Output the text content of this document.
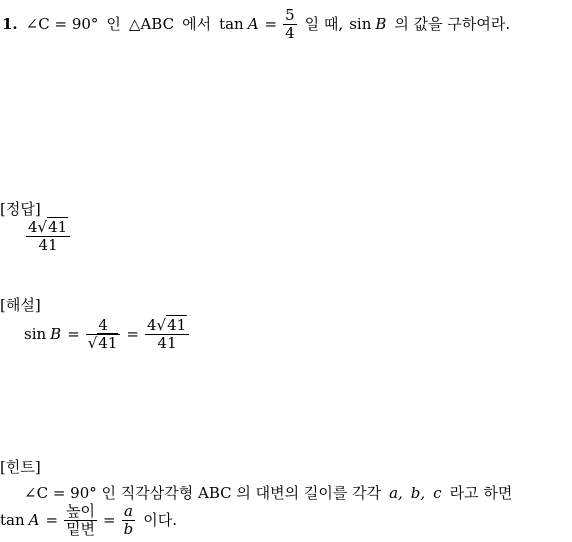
1. ∠C = 90° 인 △ABC 에서 $\tan A = \frac{5}{4}$ 일 때, sin B 의 값을 구하여라.
[정답]
$\frac{4√41}{41}$
[해설]
$\sin B = \frac{4}{√41} = \frac{4√41}{41}$
[힌트]
∠C = 90° 인 직각삼각형 ABC 의 대변의 길이를 각각 a, b, c 라고 하면
$\tan A = \frac{\text{높이}}{\text{밑변}} = \frac{a}{b}$ 이다.
